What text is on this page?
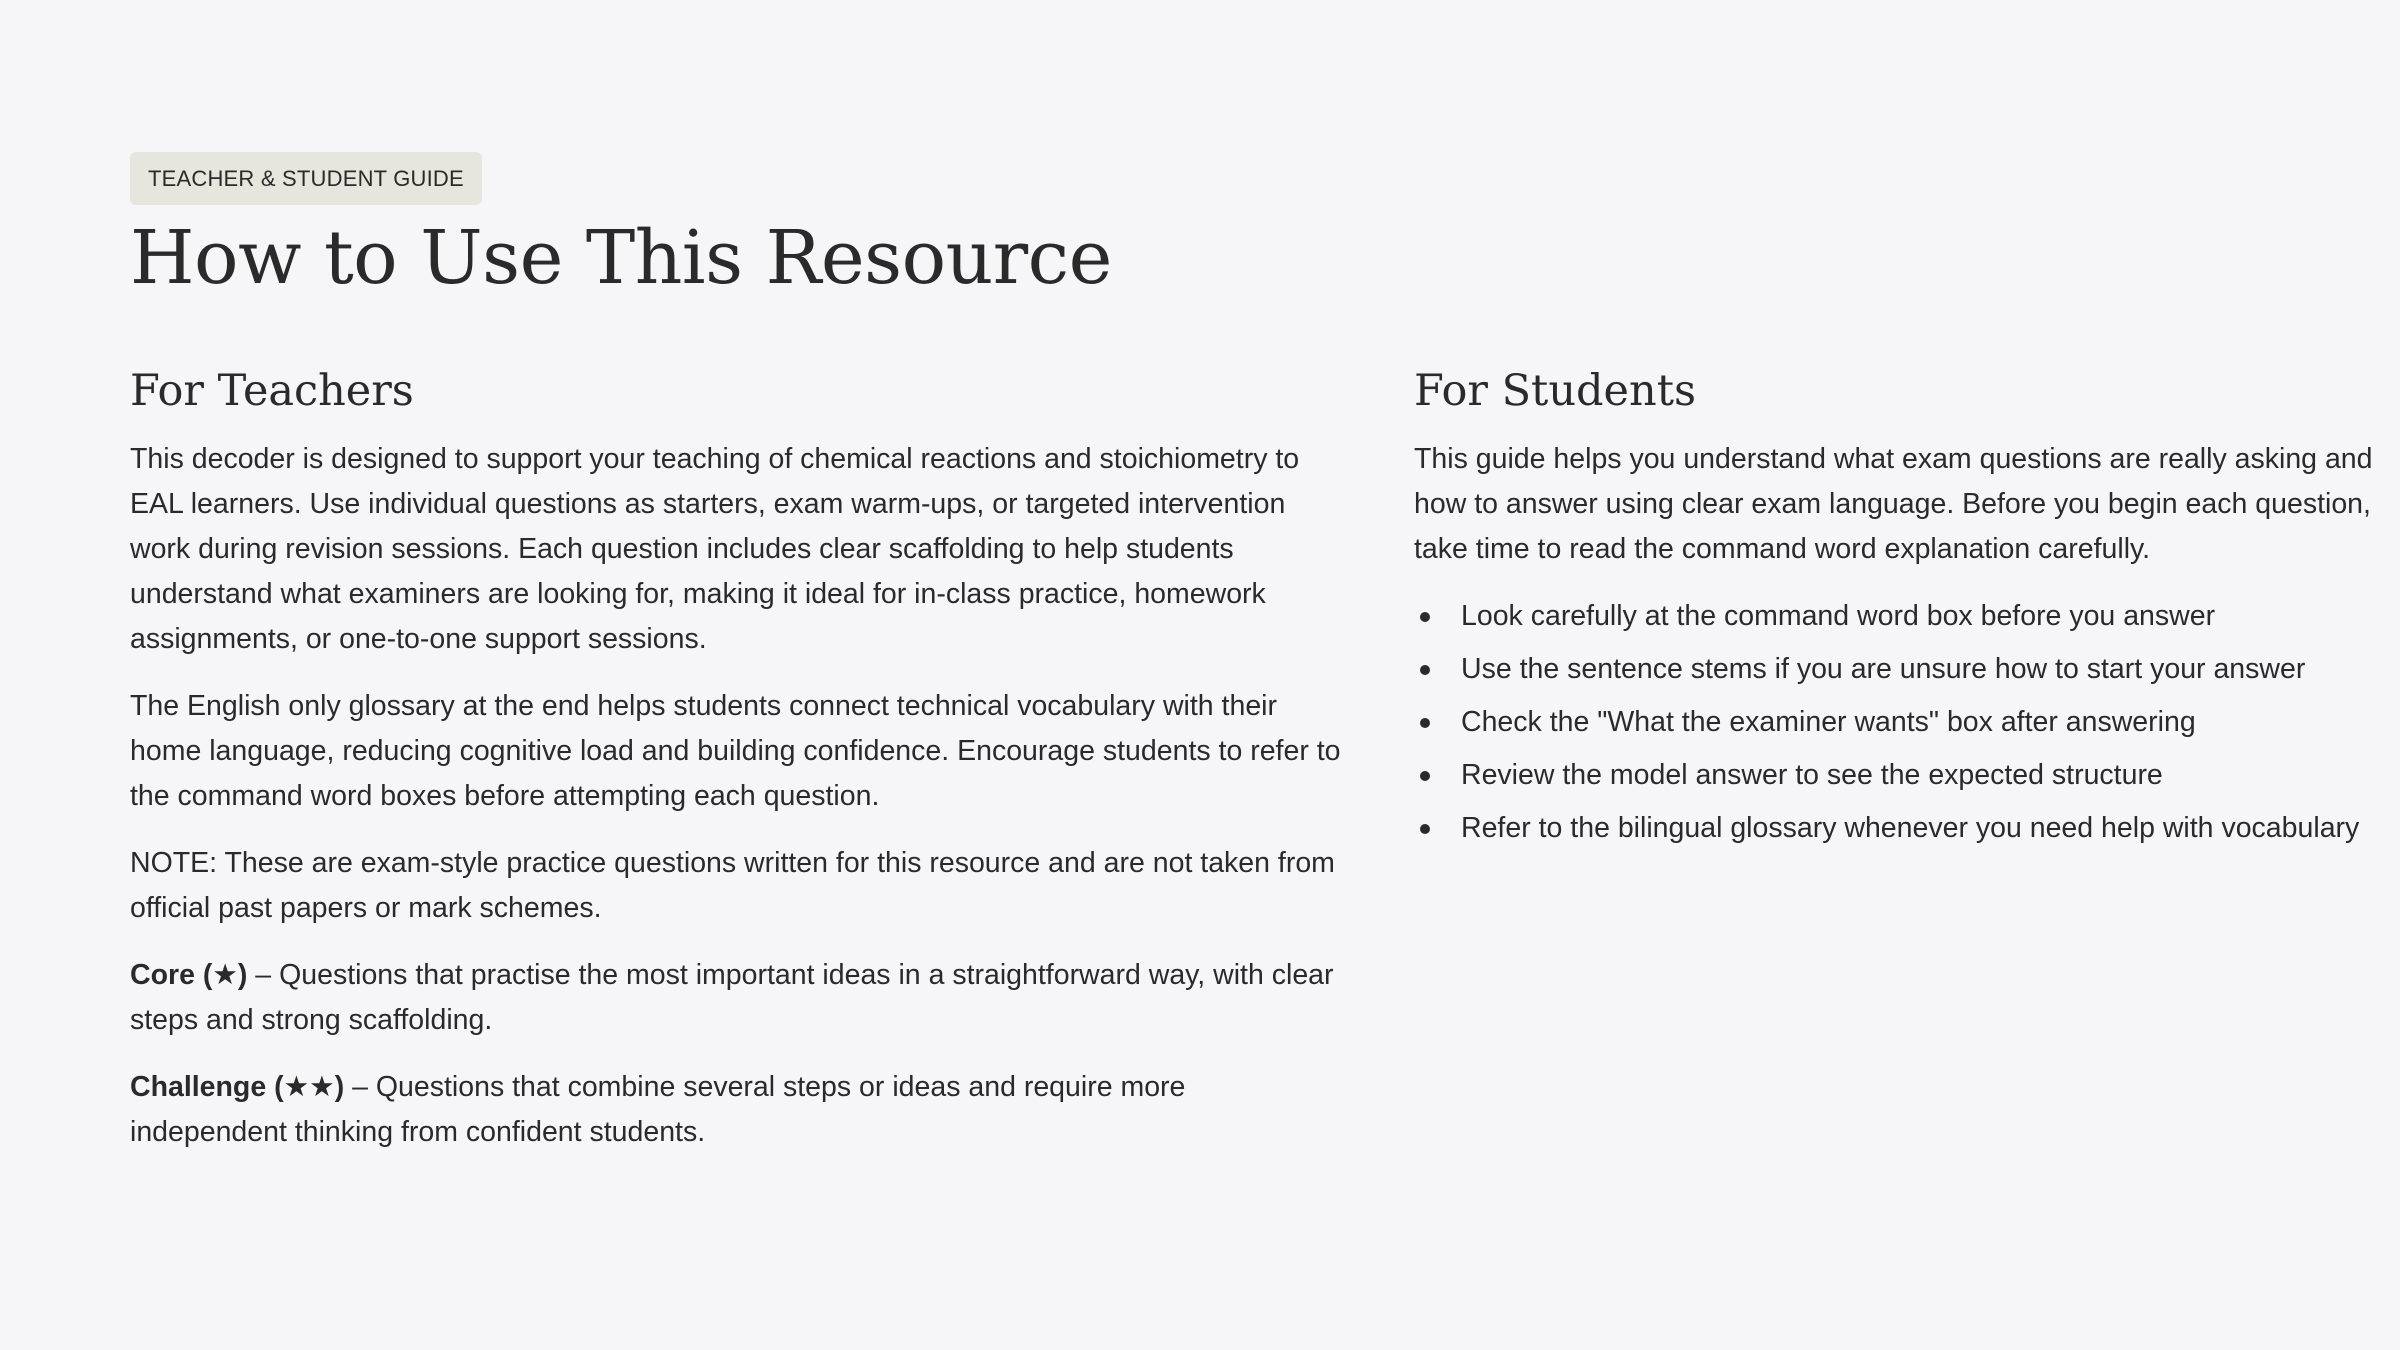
TEACHER & STUDENT GUIDE
How to Use This Resource
For Teachers

This decoder is designed to support your teaching of chemical reactions and stoichiometry to EAL learners. Use individual questions as starters, exam warm-ups, or targeted intervention work during revision sessions. Each question includes clear scaffolding to help students understand what examiners are looking for, making it ideal for in-class practice, homework assignments, or one-to-one support sessions.

The English only glossary at the end helps students connect technical vocabulary with their home language, reducing cognitive load and building confidence. Encourage students to refer to the command word boxes before attempting each question.

NOTE: These are exam-style practice questions written for this resource and are not taken from official past papers or mark schemes.

Core (★) – Questions that practise the most important ideas in a straightforward way, with clear steps and strong scaffolding.

Challenge (★★) – Questions that combine several steps or ideas and require more independent thinking from confident students.

For Students

This guide helps you understand what exam questions are really asking and how to answer using clear exam language. Before you begin each question, take time to read the command word explanation carefully.

Look carefully at the command word box before you answer
Use the sentence stems if you are unsure how to start your answer
Check the "What the examiner wants" box after answering
Review the model answer to see the expected structure
Refer to the bilingual glossary whenever you need help with vocabulary
